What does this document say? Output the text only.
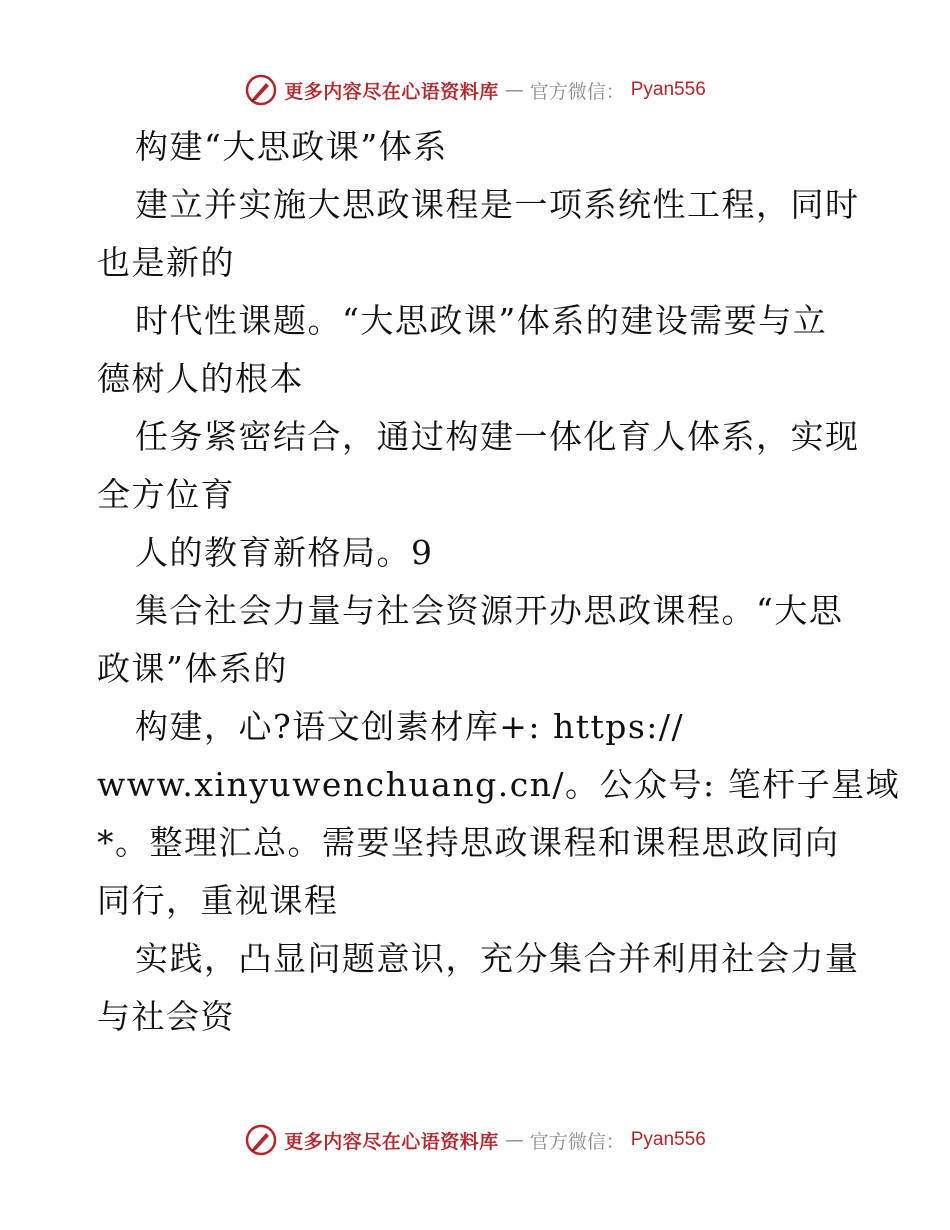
更多内容尽在心语资料库 — 官方微信： Pyan556
构建“大思政课”体系
建立并实施大思政课程是一项系统性工程，同时
也是新的
时代性课题。“大思政课”体系的建设需要与立
德树人的根本
任务紧密结合，通过构建一体化育人体系，实现
全方位育
人的教育新格局。9
集合社会力量与社会资源开办思政课程。“大思
政课”体系的
构建，心?语文创素材库+: https://
www.xinyuwenchuang.cn/。公众号: 笔杆子星域
*。整理汇总。需要坚持思政课程和课程思政同向
同行，重视课程
实践，凸显问题意识，充分集合并利用社会力量
与社会资
更多内容尽在心语资料库 — 官方微信： Pyan556
